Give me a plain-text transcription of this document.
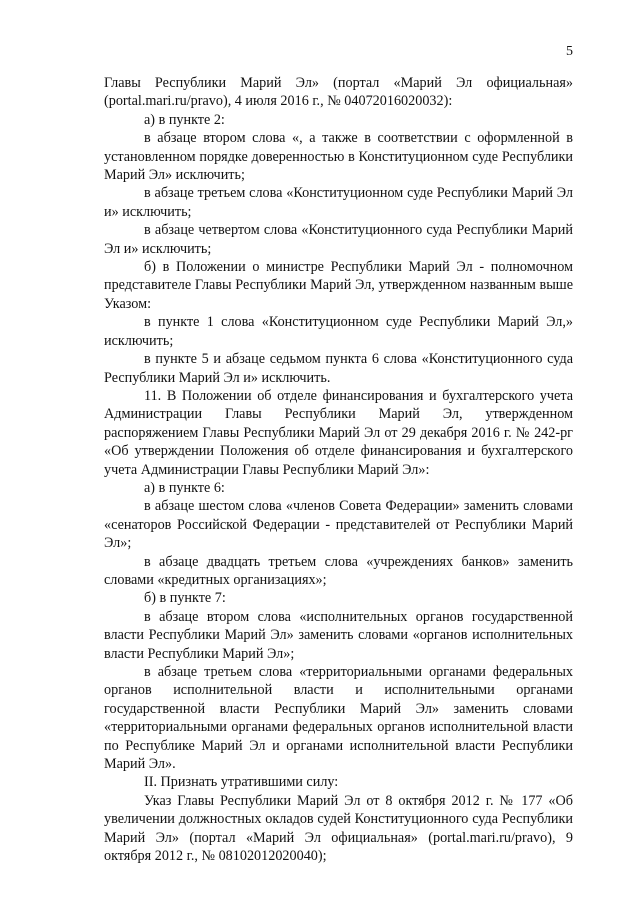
5

Главы Республики Марий Эл» (портал «Марий Эл официальная» (portal.mari.ru/pravo), 4 июля 2016 г., № 04072016020032):

а) в пункте 2:

в абзаце втором слова «, а также в соответствии с оформленной в установленном порядке доверенностью в Конституционном суде Республики Марий Эл» исключить;

в абзаце третьем слова «Конституционном суде Республики Марий Эл и» исключить;

в абзаце четвертом слова «Конституционного суда Республики Марий Эл и» исключить;

б) в Положении о министре Республики Марий Эл - полномочном представителе Главы Республики Марий Эл, утвержденном названным выше Указом:

в пункте 1 слова «Конституционном суде Республики Марий Эл,» исключить;

в пункте 5 и абзаце седьмом пункта 6 слова «Конституционного суда Республики Марий Эл и» исключить.

11. В Положении об отделе финансирования и бухгалтерского учета Администрации Главы Республики Марий Эл, утвержденном распоряжением Главы Республики Марий Эл от 29 декабря 2016 г. № 242-рг «Об утверждении Положения об отделе финансирования и бухгалтерского учета Администрации Главы Республики Марий Эл»:

а) в пункте 6:

в абзаце шестом слова «членов Совета Федерации» заменить словами «сенаторов Российской Федерации - представителей от Республики Марий Эл»;

в абзаце двадцать третьем слова «учреждениях банков» заменить словами «кредитных организациях»;

б) в пункте 7:

в абзаце втором слова «исполнительных органов государственной власти Республики Марий Эл» заменить словами «органов исполнительных власти Республики Марий Эл»;

в абзаце третьем слова «территориальными органами федеральных органов исполнительной власти и исполнительными органами государственной власти Республики Марий Эл» заменить словами «территориальными органами федеральных органов исполнительной власти по Республике Марий Эл и органами исполнительной власти Республики Марий Эл».

II. Признать утратившими силу:

Указ Главы Республики Марий Эл от 8 октября 2012 г. № 177 «Об увеличении должностных окладов судей Конституционного суда Республики Марий Эл» (портал «Марий Эл официальная» (portal.mari.ru/pravo), 9 октября 2012 г., № 08102012020040);
